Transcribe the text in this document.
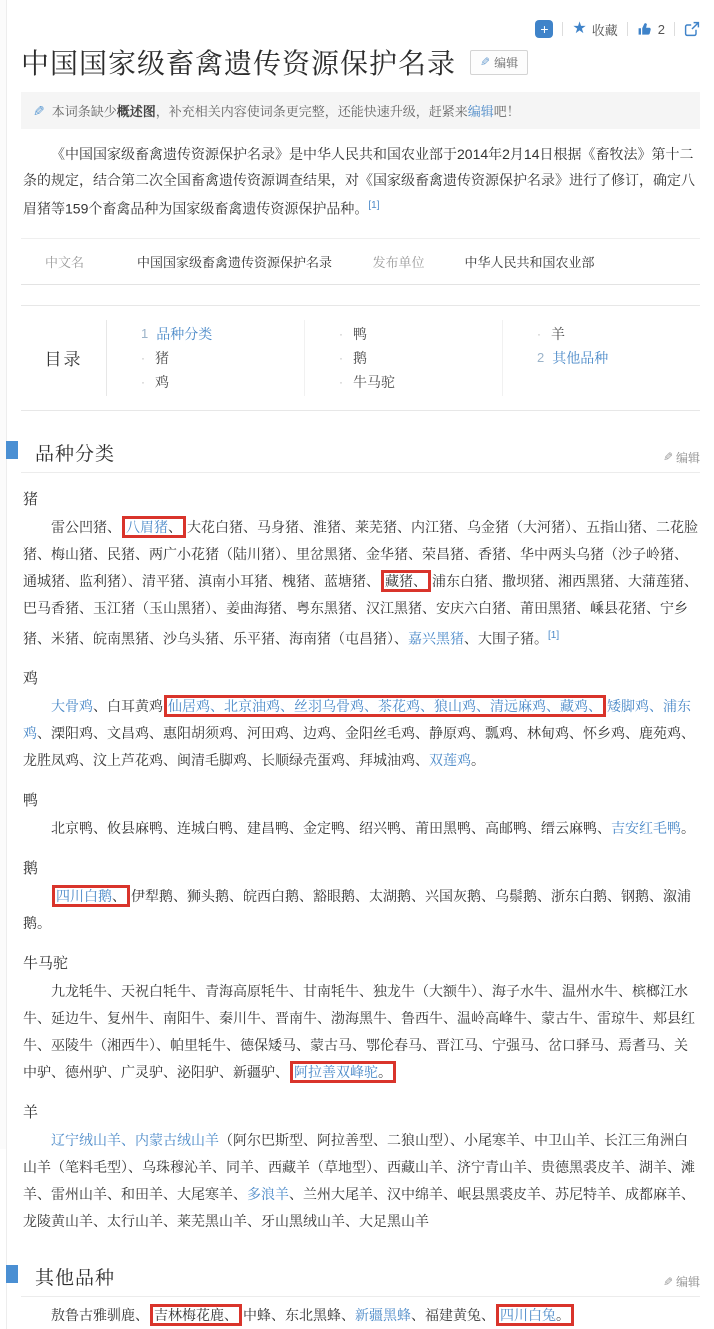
+	★ 收藏	2
中国国家级畜禽遗传资源保护名录 ✎ 编辑
✎ 本词条缺少概述图，补充相关内容使词条更完整，还能快速升级，赶紧来编辑吧！

《中国国家级畜禽遗传资源保护名录》是中华人民共和国农业部于2014年2月14日根据《畜牧法》第十二条的规定，结合第二次全国畜禽遗传资源调查结果，对《国家级畜禽遗传资源保护名录》进行了修订，确定八眉猪等159个畜禽品种为国家级畜禽遗传资源保护品种。[1]

中文名	中国国家级畜禽遗传资源保护名录	发布单位	中华人民共和国农业部
目录
1 品种分类
· 猪
· 鸡
· 鸭
· 鹅
· 牛马驼
· 羊
2 其他品种
品种分类	✎ 编辑
猪

雷公凹猪、 八眉猪、 大花白猪、马身猪、淮猪、莱芜猪、内江猪、乌金猪（大河猪）、五指山猪、二花脸猪、梅山猪、民猪、两广小花猪（陆川猪）、里岔黑猪、金华猪、荣昌猪、香猪、华中两头乌猪（沙子岭猪、通城猪、监利猪）、清平猪、滇南小耳猪、槐猪、蓝塘猪、 藏猪、 浦东白猪、撒坝猪、湘西黑猪、大蒲莲猪、巴马香猪、玉江猪（玉山黑猪）、姜曲海猪、粤东黑猪、汉江黑猪、安庆六白猪、莆田黑猪、嵊县花猪、宁乡猪、米猪、皖南黑猪、沙乌头猪、乐平猪、海南猪（屯昌猪）、嘉兴黑猪、大围子猪。[1]

鸡

大骨鸡、白耳黄鸡 仙居鸡、北京油鸡、丝羽乌骨鸡、茶花鸡、狼山鸡、清远麻鸡、藏鸡、 矮脚鸡、浦东鸡、溧阳鸡、文昌鸡、惠阳胡须鸡、河田鸡、边鸡、金阳丝毛鸡、静原鸡、瓢鸡、林甸鸡、怀乡鸡、鹿苑鸡、龙胜凤鸡、汶上芦花鸡、闽清毛脚鸡、长顺绿壳蛋鸡、拜城油鸡、双莲鸡。

鸭

北京鸭、攸县麻鸭、连城白鸭、建昌鸭、金定鸭、绍兴鸭、莆田黑鸭、高邮鸭、缙云麻鸭、吉安红毛鸭。

鹅

四川白鹅、 伊犁鹅、狮头鹅、皖西白鹅、豁眼鹅、太湖鹅、兴国灰鹅、乌鬃鹅、浙东白鹅、钢鹅、溆浦鹅。

牛马驼

九龙牦牛、天祝白牦牛、青海高原牦牛、甘南牦牛、独龙牛（大额牛）、海子水牛、温州水牛、槟榔江水牛、延边牛、复州牛、南阳牛、秦川牛、晋南牛、渤海黑牛、鲁西牛、温岭高峰牛、蒙古牛、雷琼牛、郏县红牛、巫陵牛（湘西牛）、帕里牦牛、德保矮马、蒙古马、鄂伦春马、晋江马、宁强马、岔口驿马、焉耆马、关中驴、德州驴、广灵驴、泌阳驴、新疆驴、 阿拉善双峰驼。

羊

辽宁绒山羊、内蒙古绒山羊（阿尔巴斯型、阿拉善型、二狼山型）、小尾寒羊、中卫山羊、长江三角洲白山羊（笔料毛型）、乌珠穆沁羊、同羊、西藏羊（草地型）、西藏山羊、济宁青山羊、贵德黑裘皮羊、湖羊、滩羊、雷州山羊、和田羊、大尾寒羊、多浪羊、兰州大尾羊、汉中绵羊、岷县黑裘皮羊、苏尼特羊、成都麻羊、龙陵黄山羊、太行山羊、莱芜黑山羊、牙山黑绒山羊、大足黑山羊

其他品种	✎ 编辑

敖鲁古雅驯鹿、 吉林梅花鹿、 中蜂、东北黑蜂、新疆黑蜂、福建黄兔、 四川白兔。
